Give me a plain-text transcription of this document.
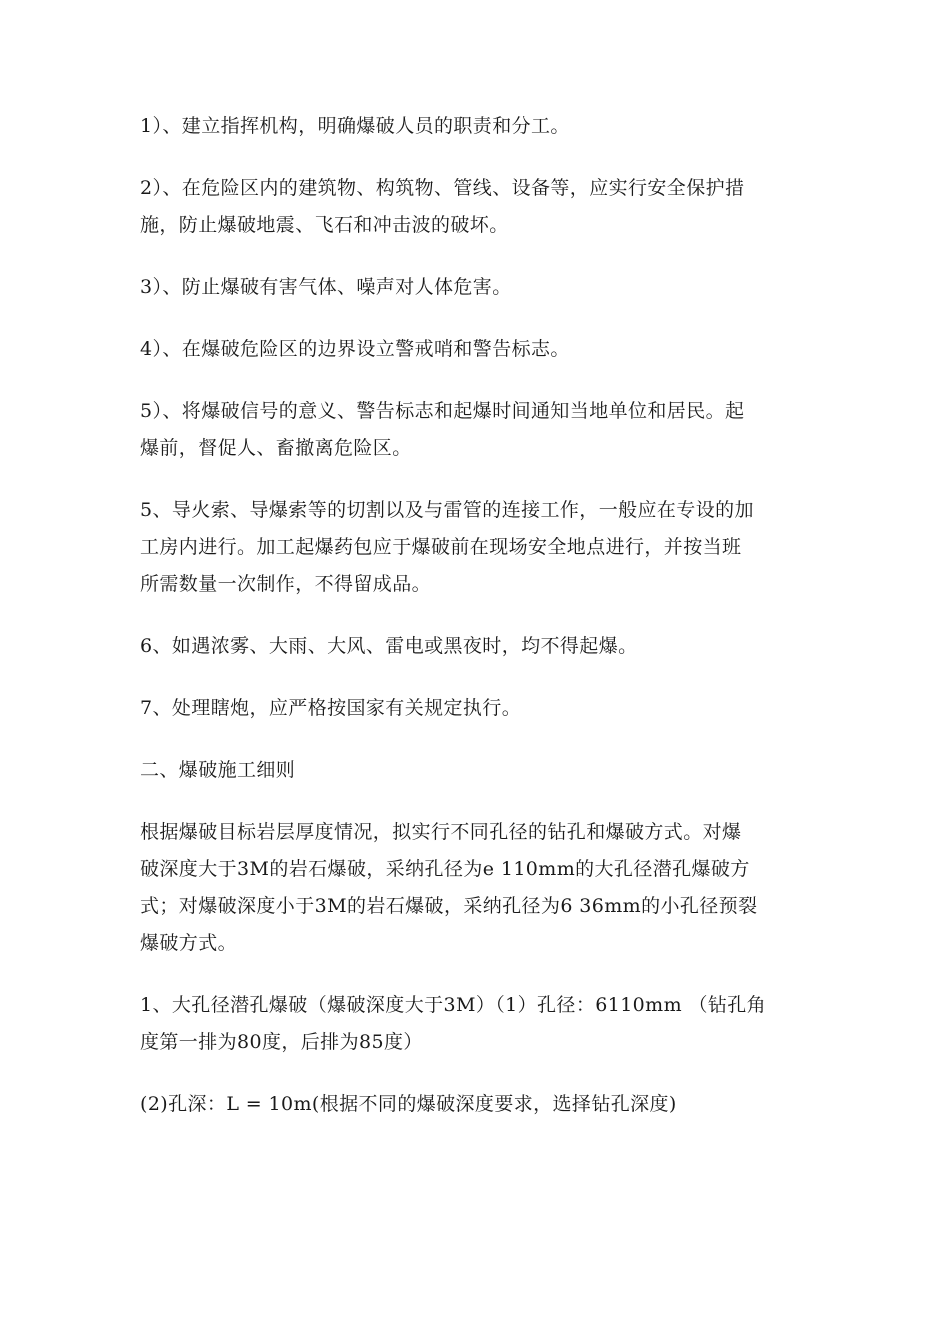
1）、建立指挥机构，明确爆破人员的职责和分工。

2）、在危险区内的建筑物、构筑物、管线、设备等，应实行安全保护措
施，防止爆破地震、飞石和冲击波的破坏。

3）、防止爆破有害气体、噪声对人体危害。

4）、在爆破危险区的边界设立警戒哨和警告标志。

5）、将爆破信号的意义、警告标志和起爆时间通知当地单位和居民。起
爆前，督促人、畜撤离危险区。

5、导火索、导爆索等的切割以及与雷管的连接工作，一般应在专设的加
工房内进行。加工起爆药包应于爆破前在现场安全地点进行，并按当班
所需数量一次制作，不得留成品。

6、如遇浓雾、大雨、大风、雷电或黑夜时，均不得起爆。

7、处理瞎炮，应严格按国家有关规定执行。

二、爆破施工细则

根据爆破目标岩层厚度情况，拟实行不同孔径的钻孔和爆破方式。对爆
破深度大于3M的岩石爆破，采纳孔径为e 110mm的大孔径潜孔爆破方
式；对爆破深度小于3M的岩石爆破，采纳孔径为6 36mm的小孔径预裂
爆破方式。

1、大孔径潜孔爆破（爆破深度大于3M）（1）孔径：6110mm （钻孔角
度第一排为80度，后排为85度）

(2)孔深：L = 10m(根据不同的爆破深度要求，选择钻孔深度)
